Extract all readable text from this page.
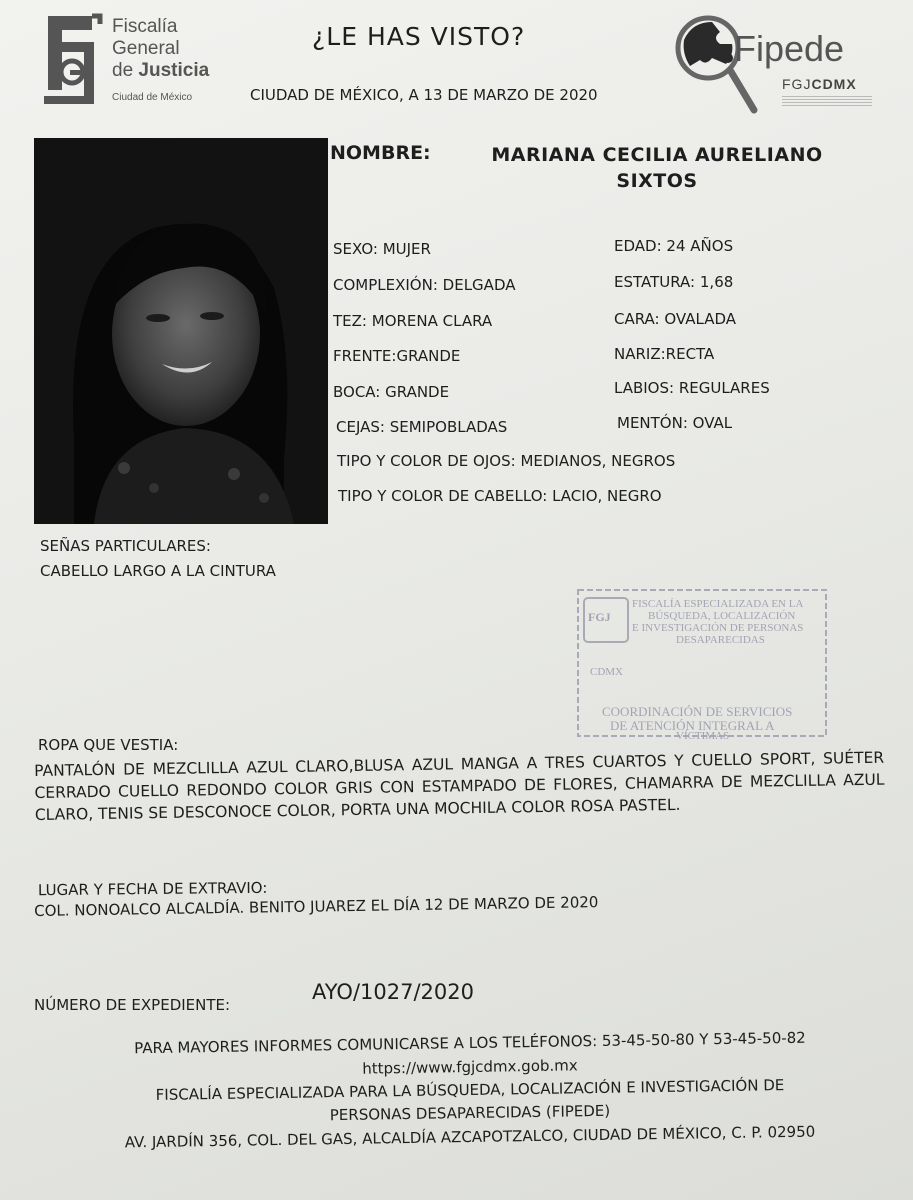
Fiscalía
General
de Justicia
Ciudad de México
¿LE HAS VISTO?
CIUDAD DE MÉXICO, A 13 DE MARZO DE 2020
Fipede
FGJCDMX
NOMBRE:	MARIANA CECILIA AURELIANO SIXTOS
SEXO: MUJER
COMPLEXIÓN: DELGADA
TEZ: MORENA CLARA
FRENTE:GRANDE
BOCA: GRANDE
CEJAS: SEMIPOBLADAS
EDAD: 24 AÑOS
ESTATURA: 1,68
CARA: OVALADA
NARIZ:RECTA
LABIOS: REGULARES
MENTÓN: OVAL
TIPO Y COLOR DE OJOS: MEDIANOS, NEGROS
TIPO Y COLOR DE CABELLO: LACIO, NEGRO
SEÑAS PARTICULARES:
CABELLO LARGO A LA CINTURA
FGJ
FISCALÍA ESPECIALIZADA EN LA
BÚSQUEDA, LOCALIZACIÓN
E INVESTIGACIÓN DE PERSONAS
DESAPARECIDAS
CDMX
COORDINACIÓN DE SERVICIOS
DE ATENCIÓN INTEGRAL A
VÍCTIMAS
ROPA QUE VESTIA:
PANTALÓN DE MEZCLILLA AZUL CLARO,BLUSA AZUL MANGA A TRES CUARTOS Y CUELLO SPORT, SUÉTER CERRADO CUELLO REDONDO COLOR GRIS CON ESTAMPADO DE FLORES, CHAMARRA DE MEZCLILLA AZUL CLARO, TENIS SE DESCONOCE COLOR, PORTA UNA MOCHILA COLOR ROSA PASTEL.
LUGAR Y FECHA DE EXTRAVIO:
COL. NONOALCO ALCALDÍA. BENITO JUAREZ EL DÍA 12 DE MARZO DE 2020
NÚMERO DE EXPEDIENTE:
AYO/1027/2020
PARA MAYORES INFORMES COMUNICARSE A LOS TELÉFONOS: 53-45-50-80 Y 53-45-50-82
https://www.fgjcdmx.gob.mx
FISCALÍA ESPECIALIZADA PARA LA BÚSQUEDA, LOCALIZACIÓN E INVESTIGACIÓN DE
PERSONAS DESAPARECIDAS (FIPEDE)
AV. JARDÍN 356, COL. DEL GAS, ALCALDÍA AZCAPOTZALCO, CIUDAD DE MÉXICO, C. P. 02950
